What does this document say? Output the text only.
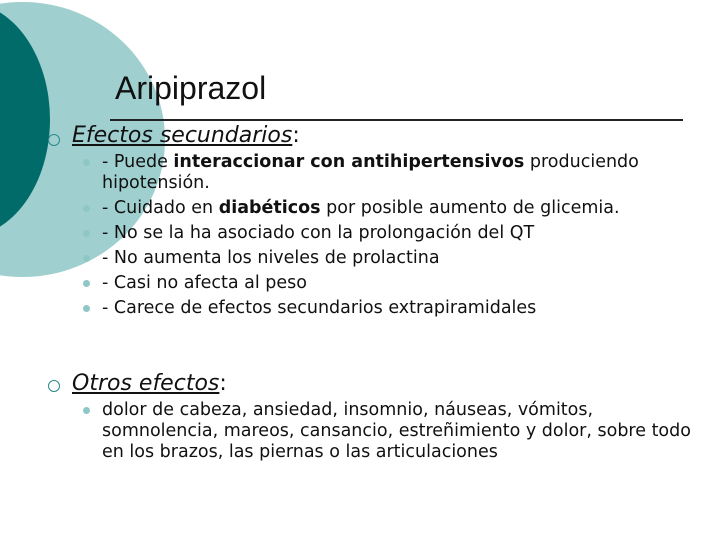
Aripiprazol
Efectos secundarios:
- Puede interaccionar con antihipertensivos produciendo hipotensión.
- Cuidado en diabéticos por posible aumento de glicemia.
- No se la ha asociado con la prolongación del QT
- No aumenta los niveles de prolactina
- Casi no afecta al peso
- Carece de efectos secundarios extrapiramidales
Otros efectos:
dolor de cabeza, ansiedad, insomnio, náuseas, vómitos, somnolencia, mareos, cansancio, estreñimiento y dolor, sobre todo en los brazos, las piernas o las articulaciones
